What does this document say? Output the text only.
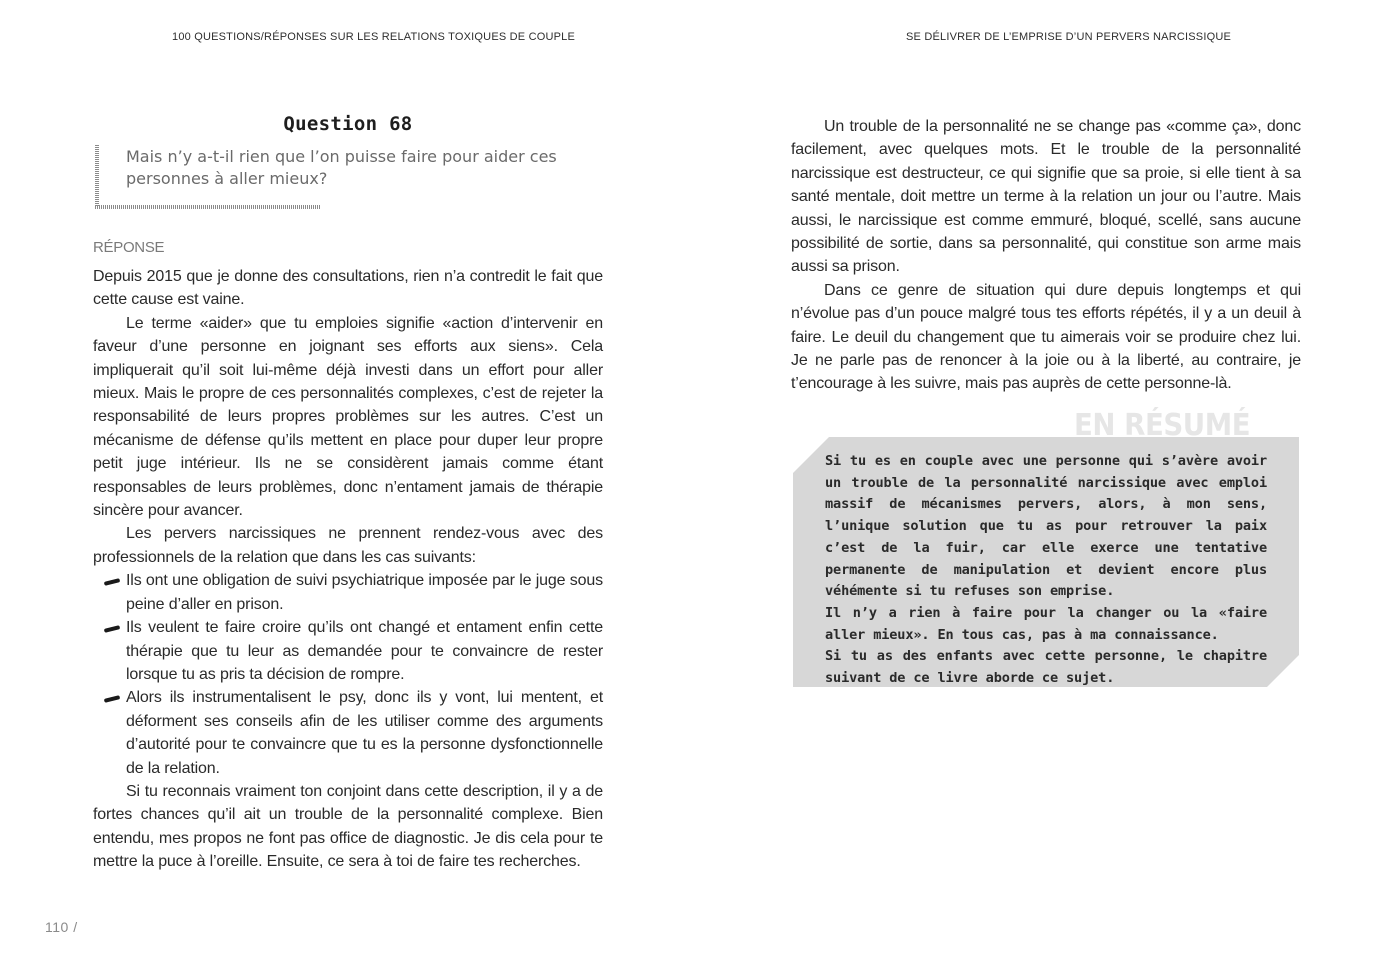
100 QUESTIONS/RÉPONSES SUR LES RELATIONS TOXIQUES DE COUPLE
Question 68
Mais n’y a-t-il rien que l’on puisse faire pour aider ces personnes à aller mieux?
RÉPONSE

Depuis 2015 que je donne des consultations, rien n’a contredit le fait que cette cause est vaine.

Le terme «aider» que tu emploies signifie «action d’intervenir en faveur d’une personne en joignant ses efforts aux siens». Cela impliquerait qu’il soit lui-même déjà investi dans un effort pour aller mieux. Mais le propre de ces personnalités complexes, c’est de rejeter la responsabilité de leurs propres problèmes sur les autres. C’est un mécanisme de défense qu’ils mettent en place pour duper leur propre petit juge intérieur. Ils ne se considèrent jamais comme étant responsables de leurs problèmes, donc n’entament jamais de thérapie sincère pour avancer.

Les pervers narcissiques ne prennent rendez-vous avec des professionnels de la relation que dans les cas suivants:

Ils ont une obligation de suivi psychiatrique imposée par le juge sous peine d’aller en prison.
Ils veulent te faire croire qu’ils ont changé et entament enfin cette thérapie que tu leur as demandée pour te convaincre de rester lorsque tu as pris ta décision de rompre.
Alors ils instrumentalisent le psy, donc ils y vont, lui mentent, et déforment ses conseils afin de les utiliser comme des arguments d’autorité pour te convaincre que tu es la personne dysfonctionnelle de la relation.

Si tu reconnais vraiment ton conjoint dans cette description, il y a de fortes chances qu’il ait un trouble de la personnalité complexe. Bien entendu, mes propos ne font pas office de diagnostic. Je dis cela pour te mettre la puce à l’oreille. Ensuite, ce sera à toi de faire tes recherches.

110 /
SE DÉLIVRER DE L’EMPRISE D’UN PERVERS NARCISSIQUE

Un trouble de la personnalité ne se change pas «comme ça», donc facilement, avec quelques mots. Et le trouble de la personnalité narcissique est destructeur, ce qui signifie que sa proie, si elle tient à sa santé mentale, doit mettre un terme à la relation un jour ou l’autre. Mais aussi, le narcissique est comme emmuré, bloqué, scellé, sans aucune possibilité de sortie, dans sa personnalité, qui constitue son arme mais aussi sa prison.

Dans ce genre de situation qui dure depuis longtemps et qui n’évolue pas d’un pouce malgré tous tes efforts répétés, il y a un deuil à faire. Le deuil du changement que tu aimerais voir se produire chez lui. Je ne parle pas de renoncer à la joie ou à la liberté, au contraire, je t’encourage à les suivre, mais pas auprès de cette personne-là.

EN RÉSUMÉ
Si tu es en couple avec une personne qui s’avère avoir un trouble de la personnalité narcissique avec emploi massif de mécanismes pervers, alors, à mon sens, l’unique solution que tu as pour retrouver la paix c’est de la fuir, car elle exerce une tentative permanente de manipulation et devient encore plus véhémente si tu refuses son emprise.
Il n’y a rien à faire pour la changer ou la «faire aller mieux». En tous cas, pas à ma connaissance.
Si tu as des enfants avec cette personne, le chapitre suivant de ce livre aborde ce sujet.
